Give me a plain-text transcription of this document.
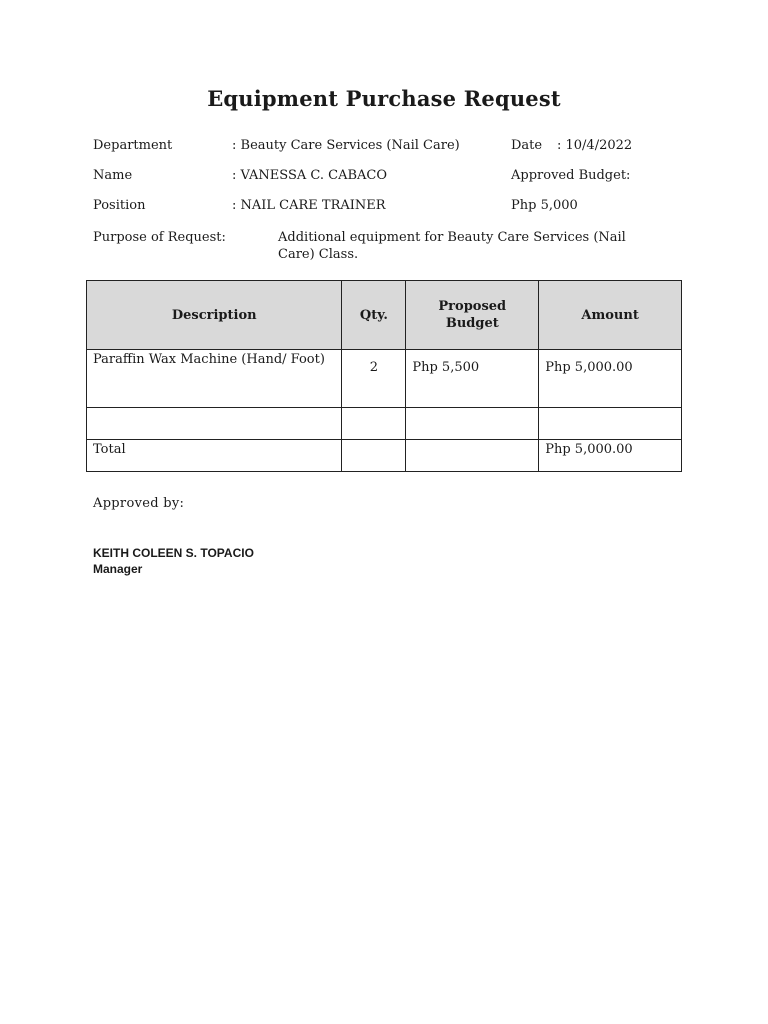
Equipment Purchase Request
Department	: Beauty Care Services (Nail Care)	Date : 10/4/2022
Name	: VANESSA C. CABACO	Approved Budget:
Position	: NAIL CARE TRAINER	Php 5,000
Purpose of Request:	Additional equipment for Beauty Care Services (Nail Care) Class.
Description	Qty.	Proposed Budget	Amount
Paraffin Wax Machine (Hand/ Foot)	2	Php 5,500	Php 5,000.00

Total			Php 5,000.00
Approved by:
KEITH COLEEN S. TOPACIO
Manager
